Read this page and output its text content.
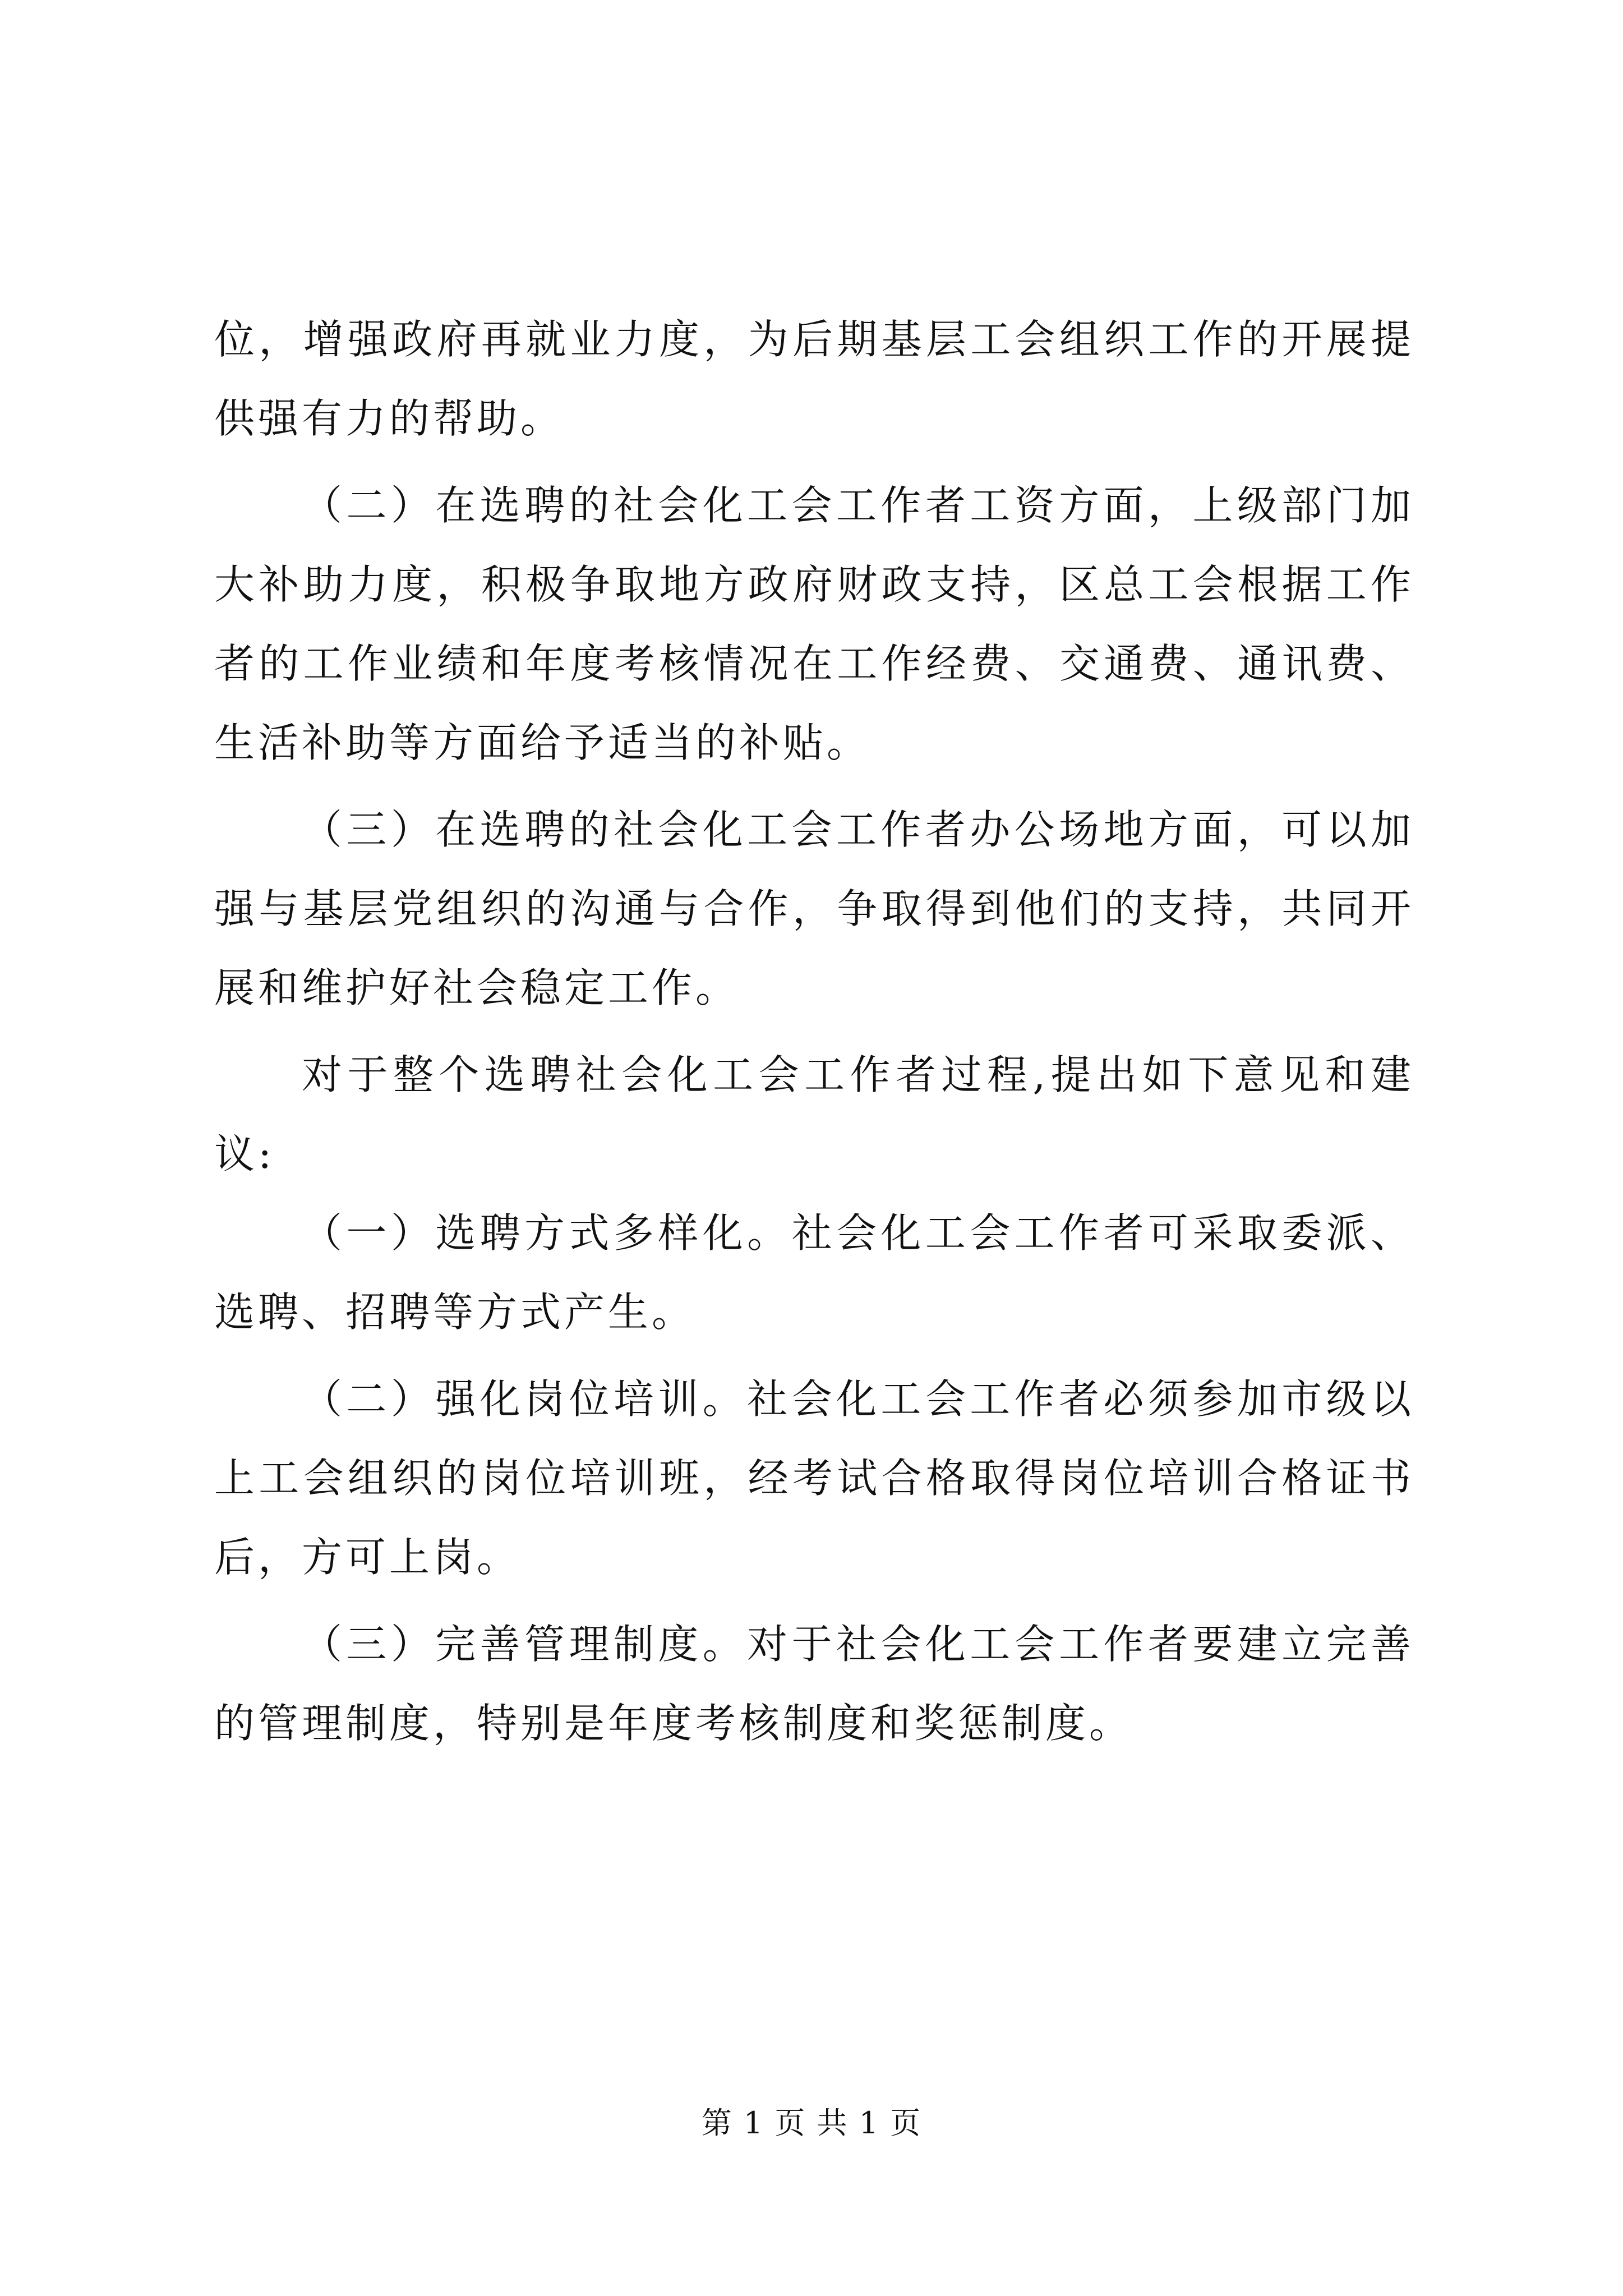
位，增强政府再就业力度，为后期基层工会组织工作的开展提供强有力的帮助。

（二）在选聘的社会化工会工作者工资方面，上级部门加大补助力度，积极争取地方政府财政支持，区总工会根据工作者的工作业绩和年度考核情况在工作经费、交通费、通讯费、生活补助等方面给予适当的补贴。

（三）在选聘的社会化工会工作者办公场地方面，可以加强与基层党组织的沟通与合作，争取得到他们的支持，共同开展和维护好社会稳定工作。

对于整个选聘社会化工会工作者过程,提出如下意见和建议:

（一）选聘方式多样化。社会化工会工作者可采取委派、选聘、招聘等方式产生。

（二）强化岗位培训。社会化工会工作者必须参加市级以上工会组织的岗位培训班，经考试合格取得岗位培训合格证书后，方可上岗。

（三）完善管理制度。对于社会化工会工作者要建立完善的管理制度，特别是年度考核制度和奖惩制度。

第 1 页 共 1 页
